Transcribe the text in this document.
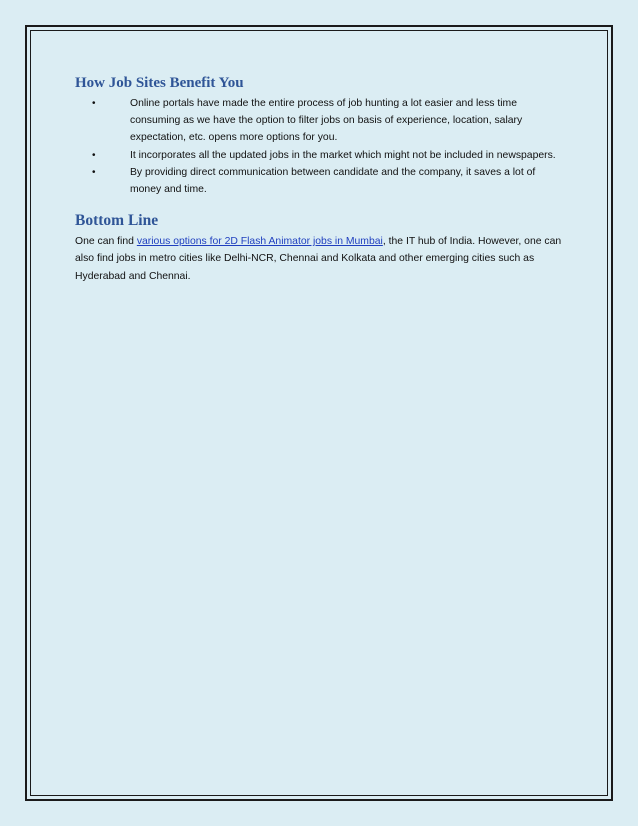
How Job Sites Benefit You
•	Online portals have made the entire process of job hunting a lot easier and less time consuming as we have the option to filter jobs on basis of experience, location, salary expectation, etc. opens more options for you.
•	It incorporates all the updated jobs in the market which might not be included in newspapers.
•	By providing direct communication between candidate and the company, it saves a lot of money and time.
Bottom Line

One can find various options for 2D Flash Animator jobs in Mumbai, the IT hub of India. However, one can also find jobs in metro cities like Delhi-NCR, Chennai and Kolkata and other emerging cities such as Hyderabad and Chennai.
